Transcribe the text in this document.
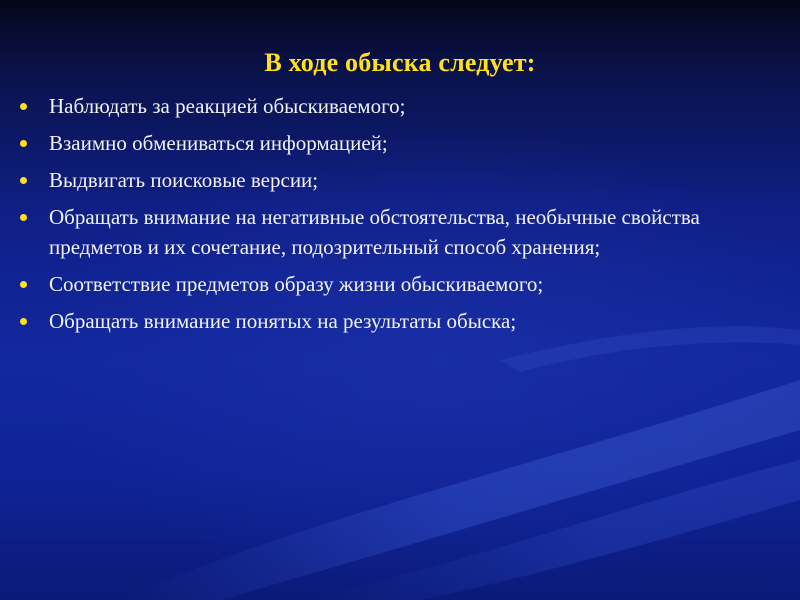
В ходе обыска следует:
Наблюдать за реакцией обыскиваемого;
Взаимно обмениваться информацией;
Выдвигать поисковые версии;
Обращать внимание на негативные обстоятельства, необычные свойства предметов и их сочетание, подозрительный способ хранения;
Соответствие предметов образу жизни обыскиваемого;
Обращать внимание понятых на результаты обыска;
